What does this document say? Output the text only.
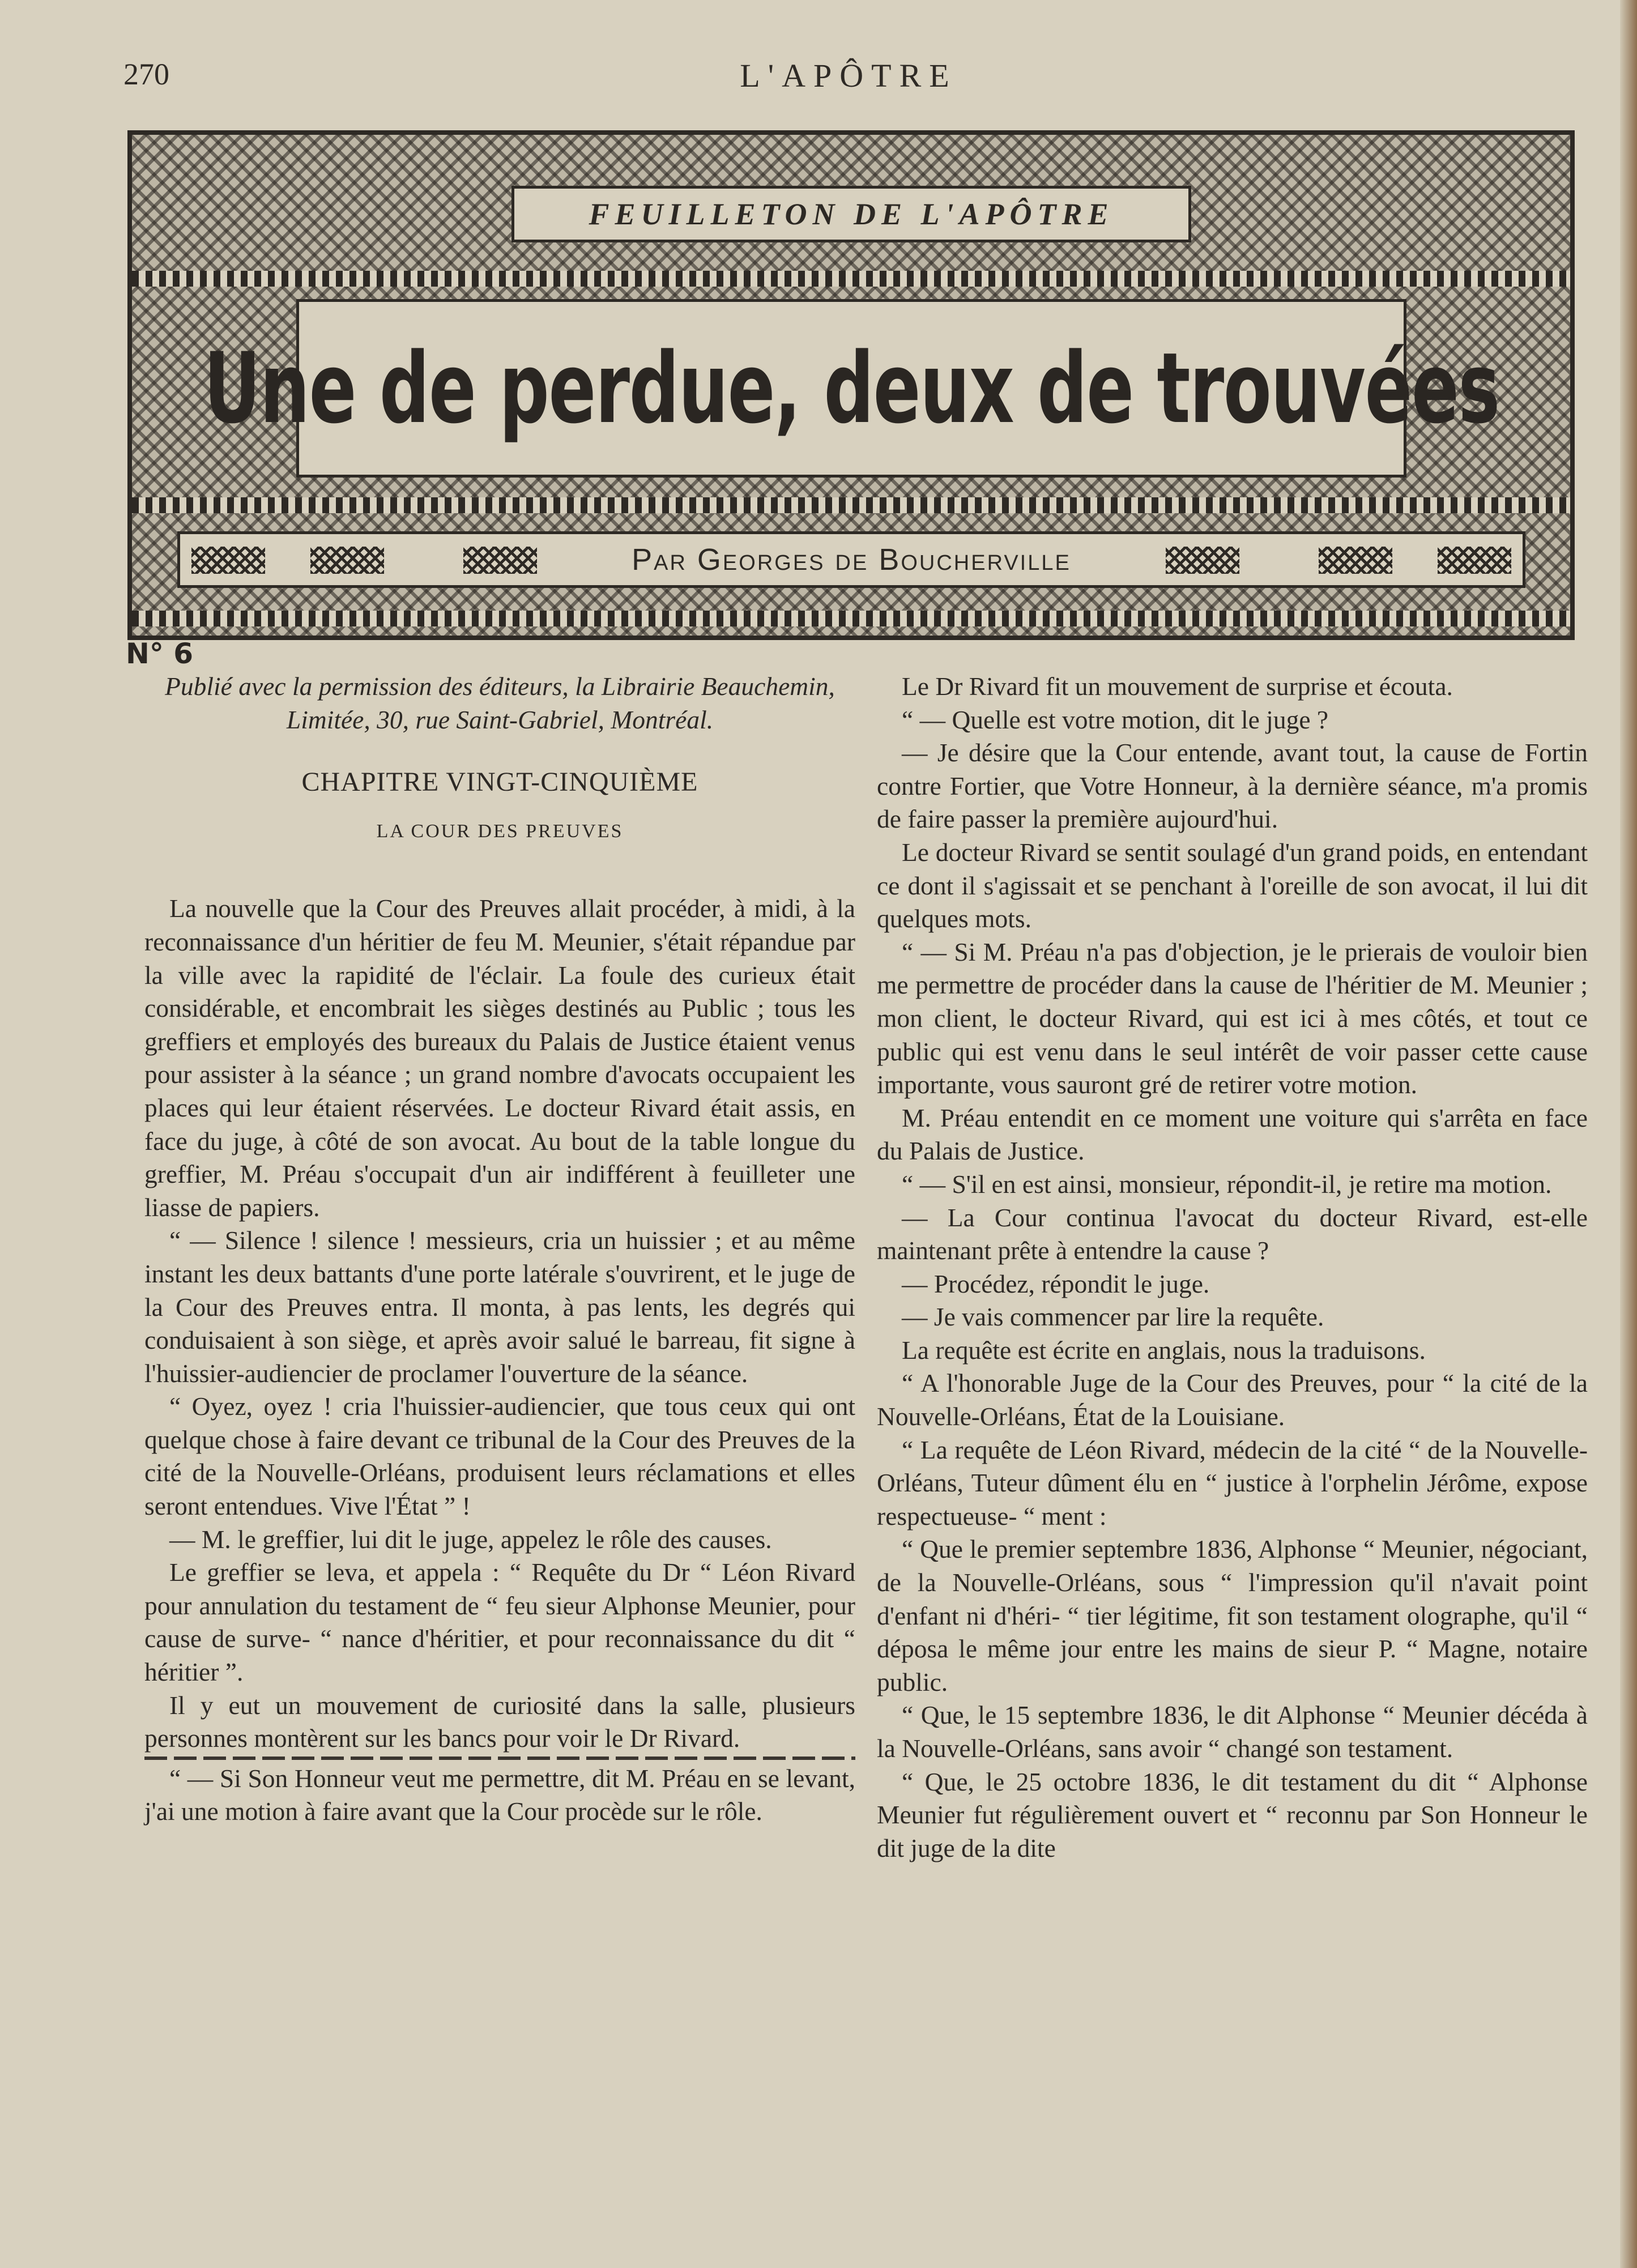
270	L'APÔTRE
FEUILLETON DE L'APÔTRE
Une de perdue, deux de trouvées
Par Georges de Boucherville
N° 6

Publié avec la permission des éditeurs, la Librairie Beauchemin, Limitée, 30, rue Saint-Gabriel, Montréal.

CHAPITRE VINGT-CINQUIÈME
LA COUR DES PREUVES

La nouvelle que la Cour des Preuves allait procéder, à midi, à la reconnaissance d'un héritier de feu M. Meunier, s'était répandue par la ville avec la rapidité de l'éclair. La foule des curieux était considérable, et encombrait les sièges destinés au Public ; tous les greffiers et employés des bureaux du Palais de Justice étaient venus pour assister à la séance ; un grand nombre d'avocats occupaient les places qui leur étaient réservées. Le docteur Rivard était assis, en face du juge, à côté de son avocat. Au bout de la table longue du greffier, M. Préau s'occupait d'un air indifférent à feuilleter une liasse de papiers.

“ — Silence ! silence ! messieurs, cria un huissier ; et au même instant les deux battants d'une porte latérale s'ouvrirent, et le juge de la Cour des Preuves entra. Il monta, à pas lents, les degrés qui conduisaient à son siège, et après avoir salué le barreau, fit signe à l'huissier-audiencier de proclamer l'ouverture de la séance.

“ Oyez, oyez ! cria l'huissier-audiencier, que tous ceux qui ont quelque chose à faire devant ce tribunal de la Cour des Preuves de la cité de la Nouvelle-Orléans, produisent leurs réclamations et elles seront entendues. Vive l'État ” !

— M. le greffier, lui dit le juge, appelez le rôle des causes.

Le greffier se leva, et appela : “ Requête du Dr “ Léon Rivard pour annulation du testament de “ feu sieur Alphonse Meunier, pour cause de surve- “ nance d'héritier, et pour reconnaissance du dit “ héritier ”.

Il y eut un mouvement de curiosité dans la salle, plusieurs personnes montèrent sur les bancs pour voir le Dr Rivard.

“ — Si Son Honneur veut me permettre, dit M. Préau en se levant, j'ai une motion à faire avant que la Cour procède sur le rôle.

Le Dr Rivard fit un mouvement de surprise et écouta.

“ — Quelle est votre motion, dit le juge ?

— Je désire que la Cour entende, avant tout, la cause de Fortin contre Fortier, que Votre Honneur, à la dernière séance, m'a promis de faire passer la première aujourd'hui.

Le docteur Rivard se sentit soulagé d'un grand poids, en entendant ce dont il s'agissait et se penchant à l'oreille de son avocat, il lui dit quelques mots.

“ — Si M. Préau n'a pas d'objection, je le prierais de vouloir bien me permettre de procéder dans la cause de l'héritier de M. Meunier ; mon client, le docteur Rivard, qui est ici à mes côtés, et tout ce public qui est venu dans le seul intérêt de voir passer cette cause importante, vous sauront gré de retirer votre motion.

M. Préau entendit en ce moment une voiture qui s'arrêta en face du Palais de Justice.

“ — S'il en est ainsi, monsieur, répondit-il, je retire ma motion.

— La Cour continua l'avocat du docteur Rivard, est-elle maintenant prête à entendre la cause ?

— Procédez, répondit le juge.

— Je vais commencer par lire la requête.

La requête est écrite en anglais, nous la traduisons.

“ A l'honorable Juge de la Cour des Preuves, pour “ la cité de la Nouvelle-Orléans, État de la Louisiane.

“ La requête de Léon Rivard, médecin de la cité “ de la Nouvelle-Orléans, Tuteur dûment élu en “ justice à l'orphelin Jérôme, expose respectueuse- “ ment :

“ Que le premier septembre 1836, Alphonse “ Meunier, négociant, de la Nouvelle-Orléans, sous “ l'impression qu'il n'avait point d'enfant ni d'héri- “ tier légitime, fit son testament olographe, qu'il “ déposa le même jour entre les mains de sieur P. “ Magne, notaire public.

“ Que, le 15 septembre 1836, le dit Alphonse “ Meunier décéda à la Nouvelle-Orléans, sans avoir “ changé son testament.

“ Que, le 25 octobre 1836, le dit testament du dit “ Alphonse Meunier fut régulièrement ouvert et “ reconnu par Son Honneur le dit juge de la dite
